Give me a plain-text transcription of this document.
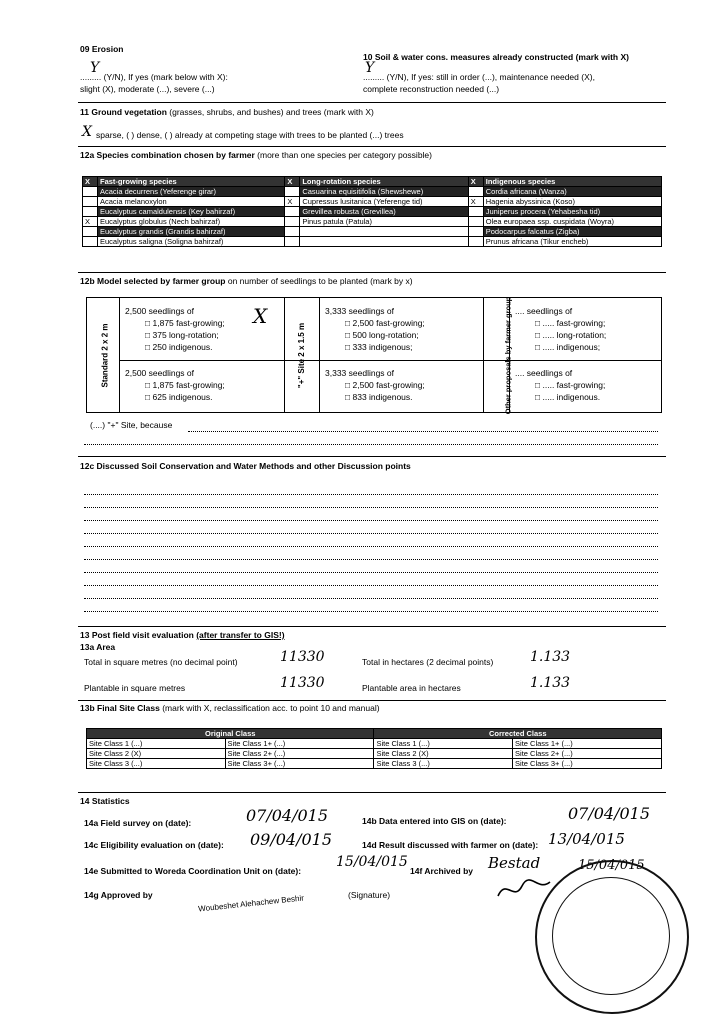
09 Erosion
......... (Y/N), If yes (mark below with X):
slight (X), moderate (...), severe (...)
Y
10 Soil & water cons. measures already constructed (mark with X)
......... (Y/N), If yes: still in order (...), maintenance needed (X),
complete reconstruction needed (...)
Y
11 Ground vegetation (grasses, shrubs, and bushes) and trees (mark with X)
X sparse, ( ) dense, ( ) already at competing stage with trees to be planted (...) trees
12a Species combination chosen by farmer (more than one species per category possible)
X	Fast-growing species	X	Long-rotation species	X	Indigenous species
	Acacia decurrens (Yeferenge girar)		Casuarina equisitifolia (Shewshewe)		Cordia africana (Wanza)
	Acacia melanoxylon	X	Cupressus lusitanica (Yeferenge tid)	X	Hagenia abyssinica (Koso)
	Eucalyptus camaldulensis (Key bahirzaf)		Grevillea robusta (Grevillea)		Juniperus procera (Yehabesha tid)
X	Eucalyptus globulus (Nech bahirzaf)		Pinus patula (Patula)		Olea europaea ssp. cuspidata (Woyra)
	Eucalyptus grandis (Grandis bahirzaf)				Podocarpus falcatus (Zigba)
	Eucalyptus saligna (Soligna bahirzaf)				Prunus africana (Tikur encheb)
12b Model selected by farmer group on number of seedlings to be planted (mark by x)
Standard 2 x 2 m	"+" Site 2 x 1.5 m	Other proposals by farmer group
2,500 seedlings of
□ 1,875 fast-growing;
□ 375 long-rotation;
□ 250 indigenous.
X
2,500 seedlings of
□ 1,875 fast-growing;
□ 625 indigenous.
3,333 seedlings of
□ 2,500 fast-growing;
□ 500 long-rotation;
□ 333 indigenous;
3,333 seedlings of
□ 2,500 fast-growing;
□ 833 indigenous.
.... seedlings of
□ ..... fast-growing;
□ ..... long-rotation;
□ ..... indigenous;
.... seedlings of
□ ..... fast-growing;
□ ..... indigenous.
(....) "+" Site, because
12c Discussed Soil Conservation and Water Methods and other Discussion points
13 Post field visit evaluation (after transfer to GIS!)
13a Area
Total in square metres (no decimal point)	11330	Total in hectares (2 decimal points)	1.133
Plantable in square metres	11330	Plantable area in hectares	1.133
13b Final Site Class (mark with X, reclassification acc. to point 10 and manual)
Original Class		Corrected Class	
Site Class 1 (...)	Site Class 1+ (...)	Site Class 1 (...)	Site Class 1+ (...)
Site Class 2 (X)	Site Class 2+ (...)	Site Class 2 (X)	Site Class 2+ (...)
Site Class 3 (...)	Site Class 3+ (...)	Site Class 3 (...)	Site Class 3+ (...)
14 Statistics
14a Field survey on (date):	07/04/015	14b Data entered into GIS on (date):	07/04/015
14c Eligibility evaluation on (date): 09/04/015	14d Result discussed with farmer on (date): 13/04/015
14e Submitted to Woreda Coordination Unit on (date):
15/04/015
14f Archived by Bestad	15/04/015
14g Approved by	(Signature)
Woubeshet Alehachew Beshir
